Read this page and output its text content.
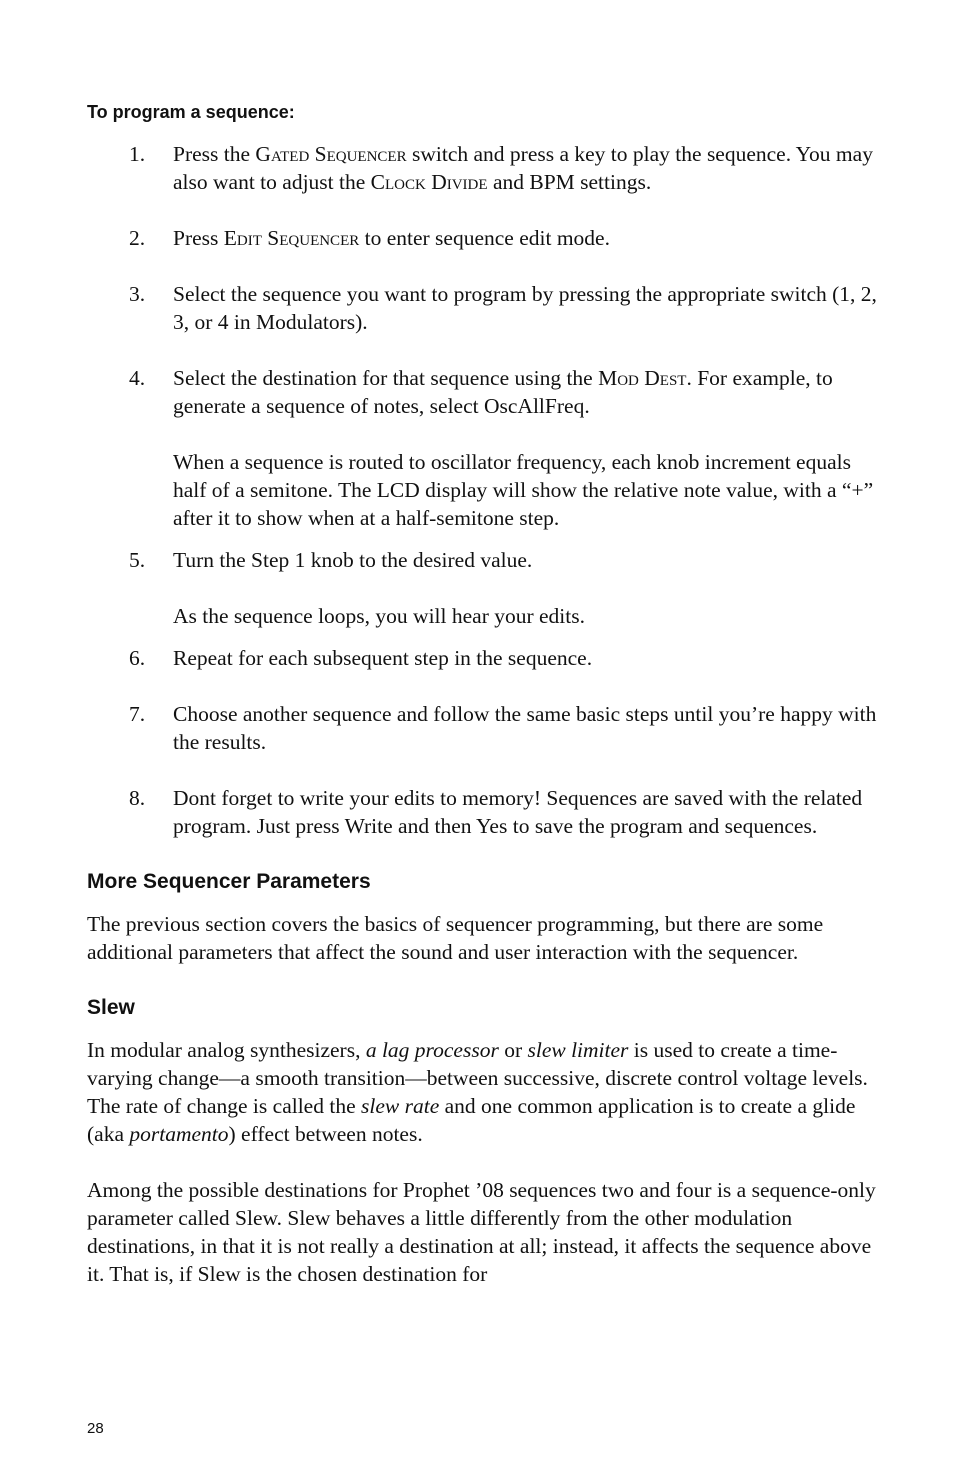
To program a sequence:

1. Press the Gated Sequencer switch and press a key to play the sequence. You may also want to adjust the Clock Divide and BPM settings.
2. Press Edit Sequencer to enter sequence edit mode.
3. Select the sequence you want to program by pressing the appropriate switch (1, 2, 3, or 4 in Modulators).
4. Select the destination for that sequence using the Mod Dest. For example, to generate a sequence of notes, select OscAllFreq.

When a sequence is routed to oscillator frequency, each knob increment equals half of a semitone. The LCD display will show the relative note value, with a “+” after it to show when at a half-semitone step.

5. Turn the Step 1 knob to the desired value.

As the sequence loops, you will hear your edits.

6. Repeat for each subsequent step in the sequence.
7. Choose another sequence and follow the same basic steps until you’re happy with the results.
8. Dont forget to write your edits to memory! Sequences are saved with the related program. Just press Write and then Yes to save the program and sequences.
More Sequencer Parameters

The previous section covers the basics of sequencer programming, but there are some additional parameters that affect the sound and user interaction with the sequencer.

Slew

In modular analog synthesizers, a lag processor or slew limiter is used to create a time-varying change—a smooth transition—between successive, discrete control voltage levels. The rate of change is called the slew rate and one common application is to create a glide (aka portamento) effect between notes.

Among the possible destinations for Prophet ’08 sequences two and four is a sequence-only parameter called Slew. Slew behaves a little differently from the other modulation destinations, in that it is not really a destination at all; instead, it affects the sequence above it. That is, if Slew is the chosen destination for

28
